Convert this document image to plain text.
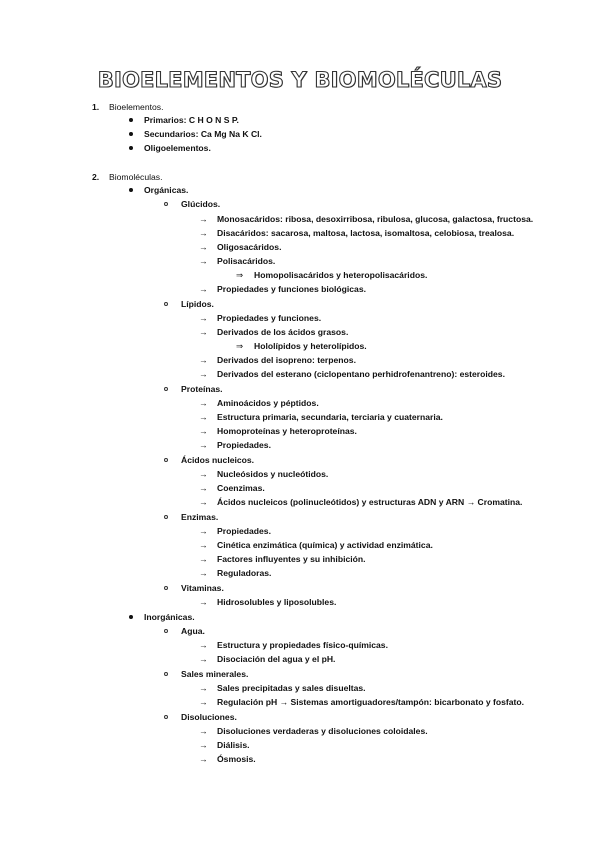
BIOELEMENTOS Y BIOMOLÉCULAS
1. Bioelementos.
Primarios: C H O N S P.
Secundarios: Ca Mg Na K Cl.
Oligoelementos.
2. Biomoléculas.
Orgánicas.
Glúcidos.
→ Monosacáridos: ribosa, desoxirribosa, ribulosa, glucosa, galactosa, fructosa.
→ Disacáridos: sacarosa, maltosa, lactosa, isomaltosa, celobiosa, trealosa.
→ Oligosacáridos.
→ Polisacáridos.
⇒ Homopolisacáridos y heteropolisacáridos.
→ Propiedades y funciones biológicas.
Lípidos.
→ Propiedades y funciones.
→ Derivados de los ácidos grasos.
⇒ Hololípidos y heterolípidos.
→ Derivados del isopreno: terpenos.
→ Derivados del esterano (ciclopentano perhidrofenantreno): esteroides.
Proteínas.
→ Aminoácidos y péptidos.
→ Estructura primaria, secundaria, terciaria y cuaternaria.
→ Homoproteínas y heteroproteínas.
→ Propiedades.
Ácidos nucleicos.
→ Nucleósidos y nucleótidos.
→ Coenzimas.
→ Ácidos nucleicos (polinucleótidos) y estructuras ADN y ARN → Cromatina.
Enzimas.
→ Propiedades.
→ Cinética enzimática (química) y actividad enzimática.
→ Factores influyentes y su inhibición.
→ Reguladoras.
Vitaminas.
→ Hidrosolubles y liposolubles.
Inorgánicas.
Agua.
→ Estructura y propiedades físico-químicas.
→ Disociación del agua y el pH.
Sales minerales.
→ Sales precipitadas y sales disueltas.
→ Regulación pH → Sistemas amortiguadores/tampón: bicarbonato y fosfato.
Disoluciones.
→ Disoluciones verdaderas y disoluciones coloidales.
→ Diálisis.
→ Ósmosis.
